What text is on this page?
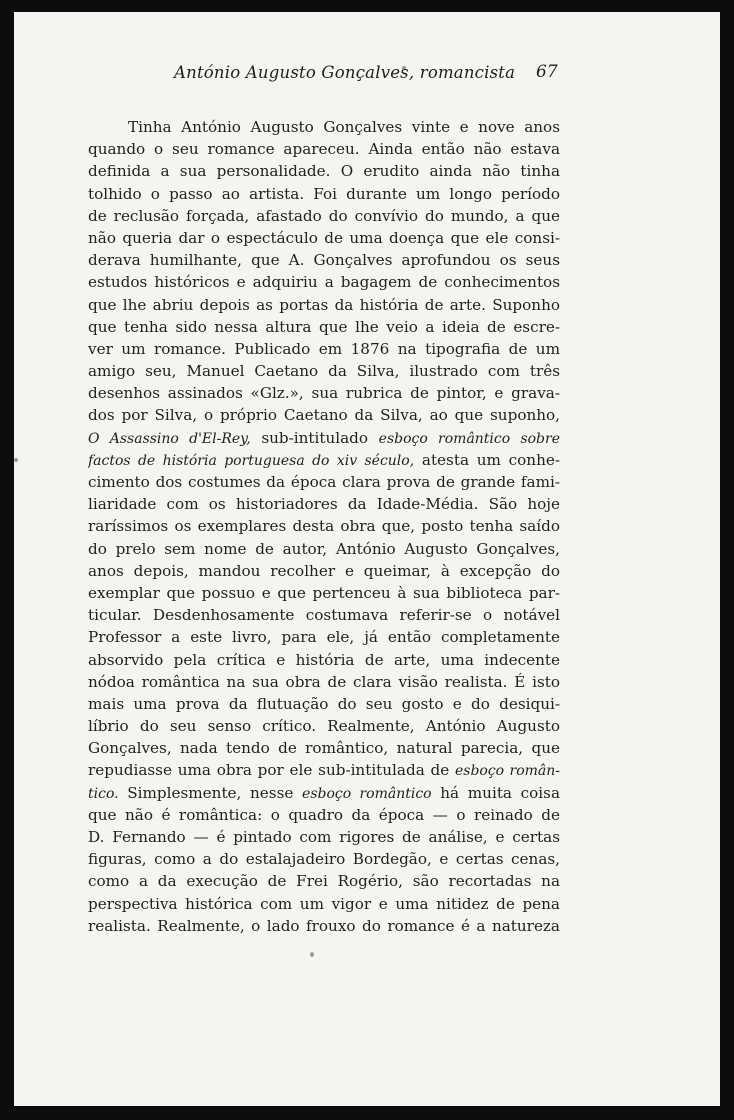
António Augusto Gonçalves, romancista 67
Tinha António Augusto Gonçalves vinte e nove anos
quando o seu romance apareceu. Ainda então não estava
definida a sua personalidade. O erudito ainda não tinha
tolhido o passo ao artista. Foi durante um longo período
de reclusão forçada, afastado do convívio do mundo, a que
não queria dar o espectáculo de uma doença que ele consi-
derava humilhante, que A. Gonçalves aprofundou os seus
estudos históricos e adquiriu a bagagem de conhecimentos
que lhe abriu depois as portas da história de arte. Suponho
que tenha sido nessa altura que lhe veio a ideia de escre-
ver um romance. Publicado em 1876 na tipografia de um
amigo seu, Manuel Caetano da Silva, ilustrado com três
desenhos assinados «Glz.», sua rubrica de pintor, e grava-
dos por Silva, o próprio Caetano da Silva, ao que suponho,
O Assassino d'El-Rey, sub-intitulado esboço romântico sobre
factos de história portuguesa do xiv século, atesta um conhe-
cimento dos costumes da época clara prova de grande fami-
liaridade com os historiadores da Idade-Média. São hoje
raríssimos os exemplares desta obra que, posto tenha saído
do prelo sem nome de autor, António Augusto Gonçalves,
anos depois, mandou recolher e queimar, à excepção do
exemplar que possuo e que pertenceu à sua biblioteca par-
ticular. Desdenhosamente costumava referir-se o notável
Professor a este livro, para ele, já então completamente
absorvido pela crítica e história de arte, uma indecente
nódoa romântica na sua obra de clara visão realista. É isto
mais uma prova da flutuação do seu gosto e do desiqui-
líbrio do seu senso crítico. Realmente, António Augusto
Gonçalves, nada tendo de romântico, natural parecia, que
repudiasse uma obra por ele sub-intitulada de esboço român-
tico. Simplesmente, nesse esboço romântico há muita coisa
que não é romântica: o quadro da época — o reinado de
D. Fernando — é pintado com rigores de análise, e certas
figuras, como a do estalajadeiro Bordegão, e certas cenas,
como a da execução de Frei Rogério, são recortadas na
perspectiva histórica com um vigor e uma nitidez de pena
realista. Realmente, o lado frouxo do romance é a natureza
